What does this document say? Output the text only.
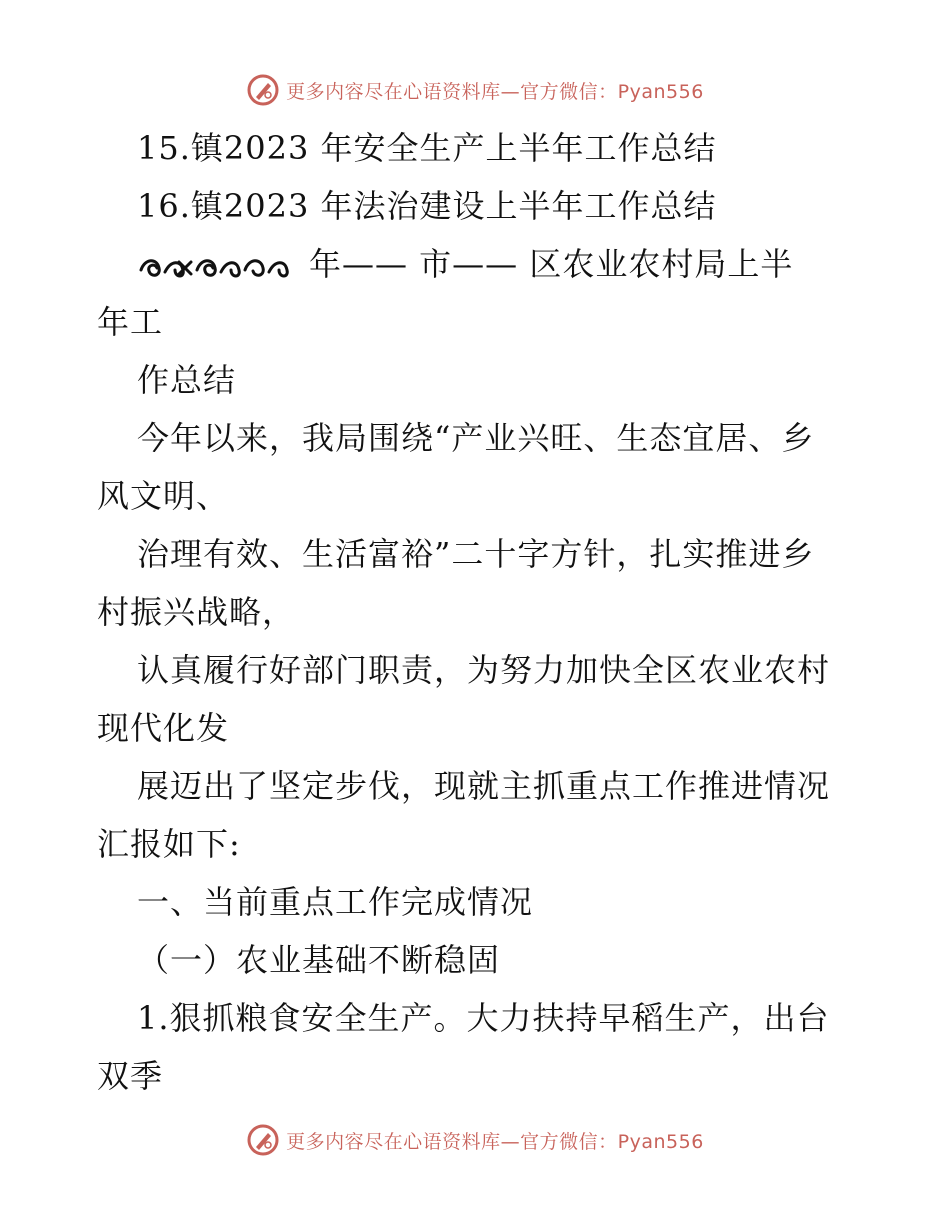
更多内容尽在心语资料库—官方微信：Pyan556
15.镇2023 年安全生产上半年工作总结
16.镇2023 年法治建设上半年工作总结
年—— 市—— 区农业农村局上半
年工
作总结
今年以来，我局围绕“产业兴旺、生态宜居、乡
风文明、
治理有效、生活富裕”二十字方针，扎实推进乡
村振兴战略，
认真履行好部门职责，为努力加快全区农业农村
现代化发
展迈出了坚定步伐，现就主抓重点工作推进情况
汇报如下:
一、当前重点工作完成情况
（一）农业基础不断稳固
1.狠抓粮食安全生产。大力扶持早稻生产，出台
双季
更多内容尽在心语资料库—官方微信：Pyan556
